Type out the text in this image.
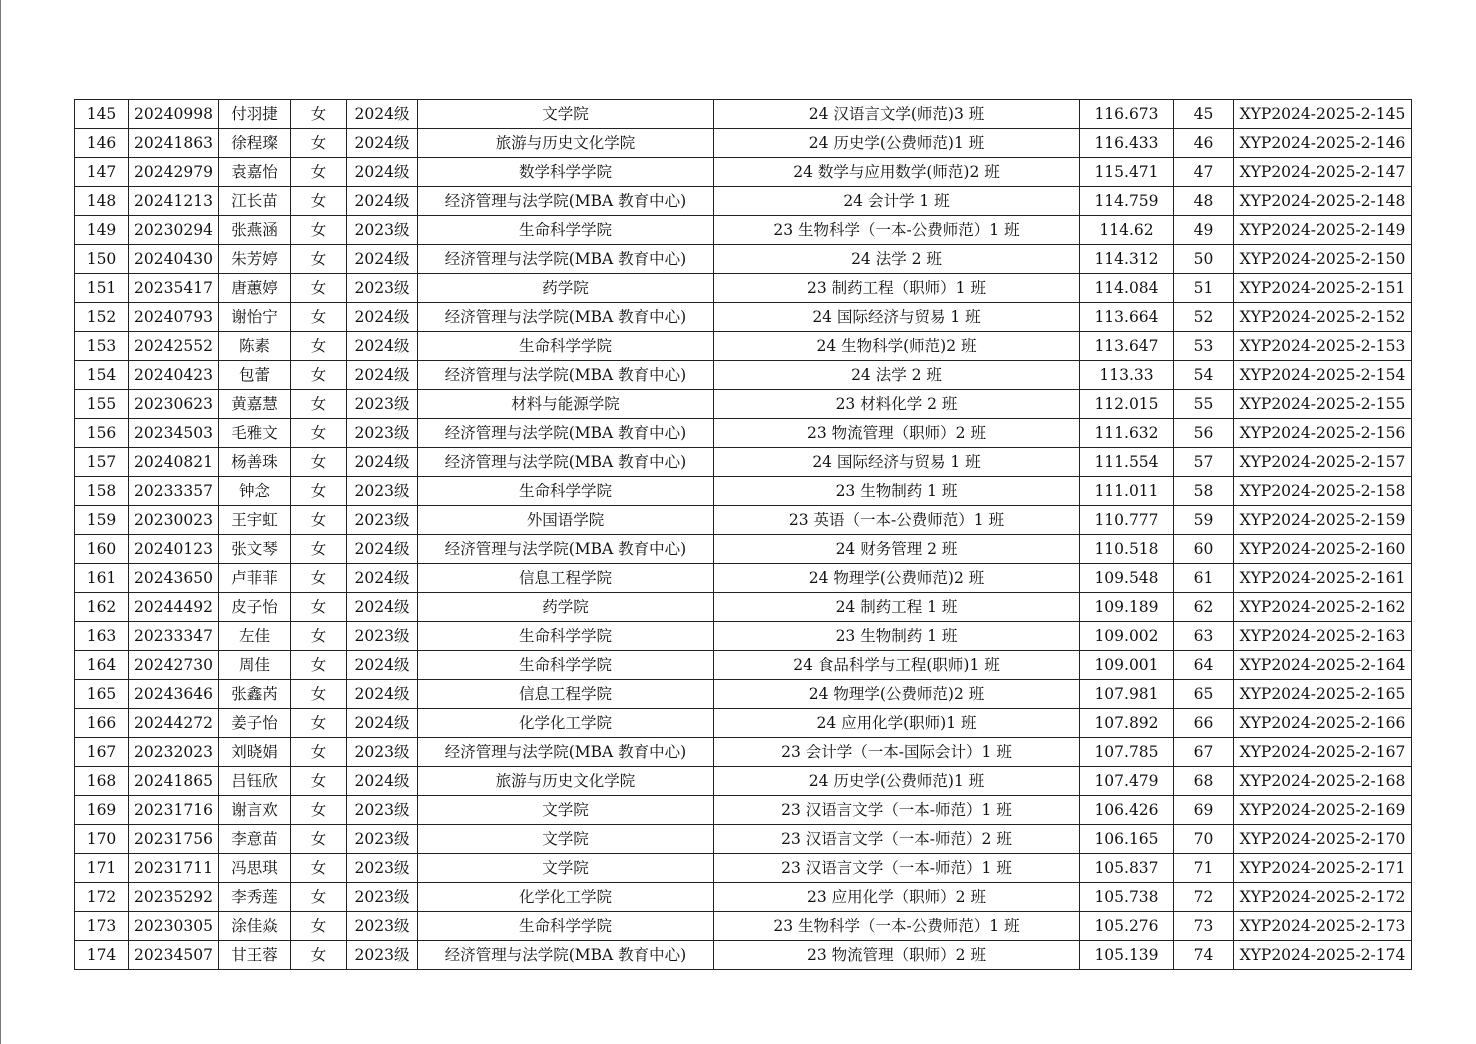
145	20240998	付羽捷	女	2024级	文学院	24 汉语言文学(师范)3 班	116.673	45	XYP2024-2025-2-145
146	20241863	徐程璨	女	2024级	旅游与历史文化学院	24 历史学(公费师范)1 班	116.433	46	XYP2024-2025-2-146
147	20242979	袁嘉怡	女	2024级	数学科学学院	24 数学与应用数学(师范)2 班	115.471	47	XYP2024-2025-2-147
148	20241213	江长苗	女	2024级	经济管理与法学院(MBA 教育中心)	24 会计学 1 班	114.759	48	XYP2024-2025-2-148
149	20230294	张燕涵	女	2023级	生命科学学院	23 生物科学（一本-公费师范）1 班	114.62	49	XYP2024-2025-2-149
150	20240430	朱芳婷	女	2024级	经济管理与法学院(MBA 教育中心)	24 法学 2 班	114.312	50	XYP2024-2025-2-150
151	20235417	唐蕙婷	女	2023级	药学院	23 制药工程（职师）1 班	114.084	51	XYP2024-2025-2-151
152	20240793	谢怡宁	女	2024级	经济管理与法学院(MBA 教育中心)	24 国际经济与贸易 1 班	113.664	52	XYP2024-2025-2-152
153	20242552	陈素	女	2024级	生命科学学院	24 生物科学(师范)2 班	113.647	53	XYP2024-2025-2-153
154	20240423	包蕾	女	2024级	经济管理与法学院(MBA 教育中心)	24 法学 2 班	113.33	54	XYP2024-2025-2-154
155	20230623	黄嘉慧	女	2023级	材料与能源学院	23 材料化学 2 班	112.015	55	XYP2024-2025-2-155
156	20234503	毛雅文	女	2023级	经济管理与法学院(MBA 教育中心)	23 物流管理（职师）2 班	111.632	56	XYP2024-2025-2-156
157	20240821	杨善珠	女	2024级	经济管理与法学院(MBA 教育中心)	24 国际经济与贸易 1 班	111.554	57	XYP2024-2025-2-157
158	20233357	钟念	女	2023级	生命科学学院	23 生物制药 1 班	111.011	58	XYP2024-2025-2-158
159	20230023	王宇虹	女	2023级	外国语学院	23 英语（一本-公费师范）1 班	110.777	59	XYP2024-2025-2-159
160	20240123	张文琴	女	2024级	经济管理与法学院(MBA 教育中心)	24 财务管理 2 班	110.518	60	XYP2024-2025-2-160
161	20243650	卢菲菲	女	2024级	信息工程学院	24 物理学(公费师范)2 班	109.548	61	XYP2024-2025-2-161
162	20244492	皮子怡	女	2024级	药学院	24 制药工程 1 班	109.189	62	XYP2024-2025-2-162
163	20233347	左佳	女	2023级	生命科学学院	23 生物制药 1 班	109.002	63	XYP2024-2025-2-163
164	20242730	周佳	女	2024级	生命科学学院	24 食品科学与工程(职师)1 班	109.001	64	XYP2024-2025-2-164
165	20243646	张鑫芮	女	2024级	信息工程学院	24 物理学(公费师范)2 班	107.981	65	XYP2024-2025-2-165
166	20244272	姜子怡	女	2024级	化学化工学院	24 应用化学(职师)1 班	107.892	66	XYP2024-2025-2-166
167	20232023	刘晓娟	女	2023级	经济管理与法学院(MBA 教育中心)	23 会计学（一本-国际会计）1 班	107.785	67	XYP2024-2025-2-167
168	20241865	吕钰欣	女	2024级	旅游与历史文化学院	24 历史学(公费师范)1 班	107.479	68	XYP2024-2025-2-168
169	20231716	谢言欢	女	2023级	文学院	23 汉语言文学（一本-师范）1 班	106.426	69	XYP2024-2025-2-169
170	20231756	李意苗	女	2023级	文学院	23 汉语言文学（一本-师范）2 班	106.165	70	XYP2024-2025-2-170
171	20231711	冯思琪	女	2023级	文学院	23 汉语言文学（一本-师范）1 班	105.837	71	XYP2024-2025-2-171
172	20235292	李秀莲	女	2023级	化学化工学院	23 应用化学（职师）2 班	105.738	72	XYP2024-2025-2-172
173	20230305	涂佳焱	女	2023级	生命科学学院	23 生物科学（一本-公费师范）1 班	105.276	73	XYP2024-2025-2-173
174	20234507	甘王蓉	女	2023级	经济管理与法学院(MBA 教育中心)	23 物流管理（职师）2 班	105.139	74	XYP2024-2025-2-174
